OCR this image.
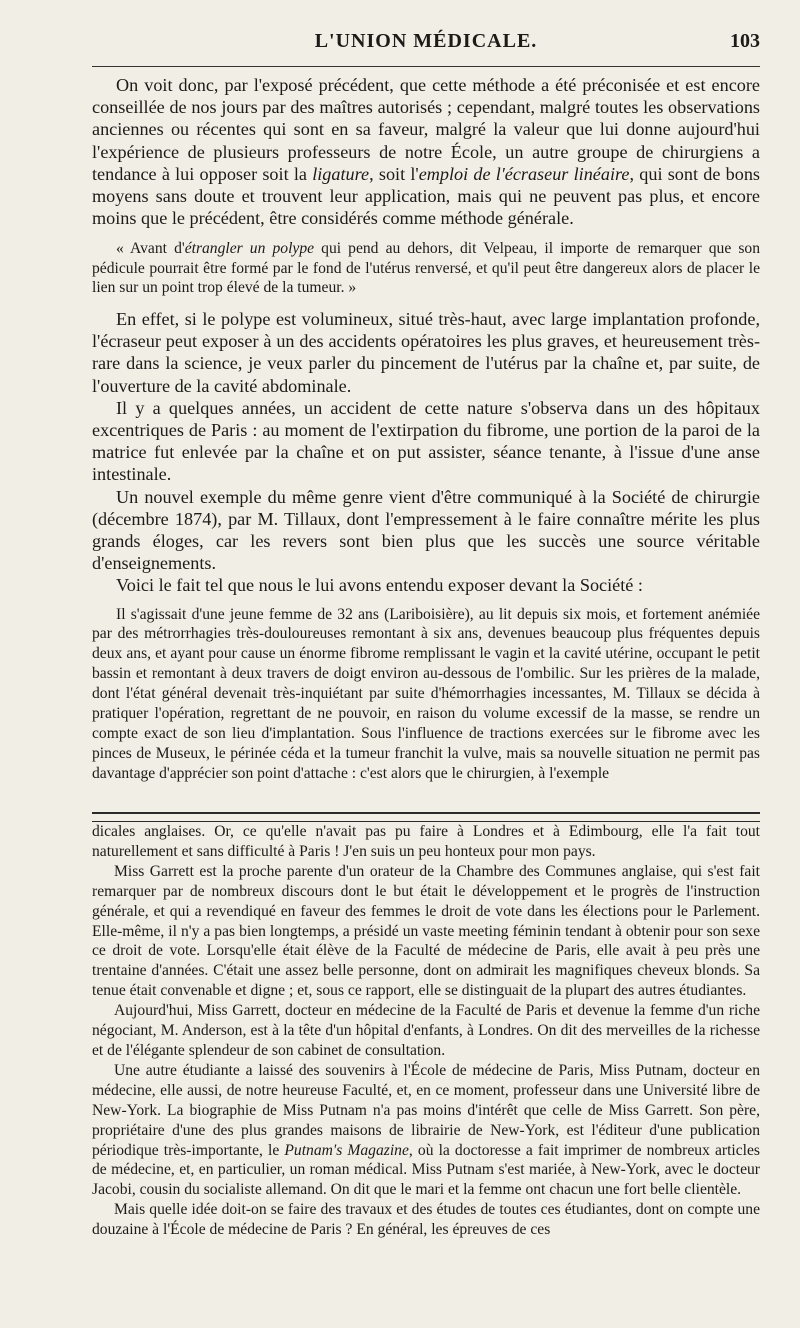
L'UNION MÉDICALE.	103

On voit donc, par l'exposé précédent, que cette méthode a été préconisée et est encore conseillée de nos jours par des maîtres autorisés ; cependant, malgré toutes les observations anciennes ou récentes qui sont en sa faveur, malgré la valeur que lui donne aujourd'hui l'expérience de plusieurs professeurs de notre École, un autre groupe de chirurgiens a tendance à lui opposer soit la ligature, soit l'emploi de l'écraseur linéaire, qui sont de bons moyens sans doute et trouvent leur application, mais qui ne peuvent pas plus, et encore moins que le précédent, être considérés comme méthode générale.

« Avant d'étrangler un polype qui pend au dehors, dit Velpeau, il importe de remarquer que son pédicule pourrait être formé par le fond de l'utérus renversé, et qu'il peut être dangereux alors de placer le lien sur un point trop élevé de la tumeur. »

En effet, si le polype est volumineux, situé très-haut, avec large implantation profonde, l'écraseur peut exposer à un des accidents opératoires les plus graves, et heureusement très-rare dans la science, je veux parler du pincement de l'utérus par la chaîne et, par suite, de l'ouverture de la cavité abdominale.

Il y a quelques années, un accident de cette nature s'observa dans un des hôpitaux excentriques de Paris : au moment de l'extirpation du fibrome, une portion de la paroi de la matrice fut enlevée par la chaîne et on put assister, séance tenante, à l'issue d'une anse intestinale.

Un nouvel exemple du même genre vient d'être communiqué à la Société de chirurgie (décembre 1874), par M. Tillaux, dont l'empressement à le faire connaître mérite les plus grands éloges, car les revers sont bien plus que les succès une source véritable d'enseignements.

Voici le fait tel que nous le lui avons entendu exposer devant la Société :

Il s'agissait d'une jeune femme de 32 ans (Lariboisière), au lit depuis six mois, et fortement anémiée par des métrorrhagies très-douloureuses remontant à six ans, devenues beaucoup plus fréquentes depuis deux ans, et ayant pour cause un énorme fibrome remplissant le vagin et la cavité utérine, occupant le petit bassin et remontant à deux travers de doigt environ au-dessous de l'ombilic. Sur les prières de la malade, dont l'état général devenait très-inquiétant par suite d'hémorrhagies incessantes, M. Tillaux se décida à pratiquer l'opération, regrettant de ne pouvoir, en raison du volume excessif de la masse, se rendre un compte exact de son lieu d'implantation. Sous l'influence de tractions exercées sur le fibrome avec les pinces de Museux, le périnée céda et la tumeur franchit la vulve, mais sa nouvelle situation ne permit pas davantage d'apprécier son point d'attache : c'est alors que le chirurgien, à l'exemple

dicales anglaises. Or, ce qu'elle n'avait pas pu faire à Londres et à Edimbourg, elle l'a fait tout naturellement et sans difficulté à Paris ! J'en suis un peu honteux pour mon pays.

Miss Garrett est la proche parente d'un orateur de la Chambre des Communes anglaise, qui s'est fait remarquer par de nombreux discours dont le but était le développement et le progrès de l'instruction générale, et qui a revendiqué en faveur des femmes le droit de vote dans les élections pour le Parlement. Elle-même, il n'y a pas bien longtemps, a présidé un vaste meeting féminin tendant à obtenir pour son sexe ce droit de vote. Lorsqu'elle était élève de la Faculté de médecine de Paris, elle avait à peu près une trentaine d'années. C'était une assez belle personne, dont on admirait les magnifiques cheveux blonds. Sa tenue était convenable et digne ; et, sous ce rapport, elle se distinguait de la plupart des autres étudiantes.

Aujourd'hui, Miss Garrett, docteur en médecine de la Faculté de Paris et devenue la femme d'un riche négociant, M. Anderson, est à la tête d'un hôpital d'enfants, à Londres. On dit des merveilles de la richesse et de l'élégante splendeur de son cabinet de consultation.

Une autre étudiante a laissé des souvenirs à l'École de médecine de Paris, Miss Putnam, docteur en médecine, elle aussi, de notre heureuse Faculté, et, en ce moment, professeur dans une Université libre de New-York. La biographie de Miss Putnam n'a pas moins d'intérêt que celle de Miss Garrett. Son père, propriétaire d'une des plus grandes maisons de librairie de New-York, est l'éditeur d'une publication périodique très-importante, le Putnam's Magazine, où la doctoresse a fait imprimer de nombreux articles de médecine, et, en particulier, un roman médical. Miss Putnam s'est mariée, à New-York, avec le docteur Jacobi, cousin du socialiste allemand. On dit que le mari et la femme ont chacun une fort belle clientèle.

Mais quelle idée doit-on se faire des travaux et des études de toutes ces étudiantes, dont on compte une douzaine à l'École de médecine de Paris ? En général, les épreuves de ces
